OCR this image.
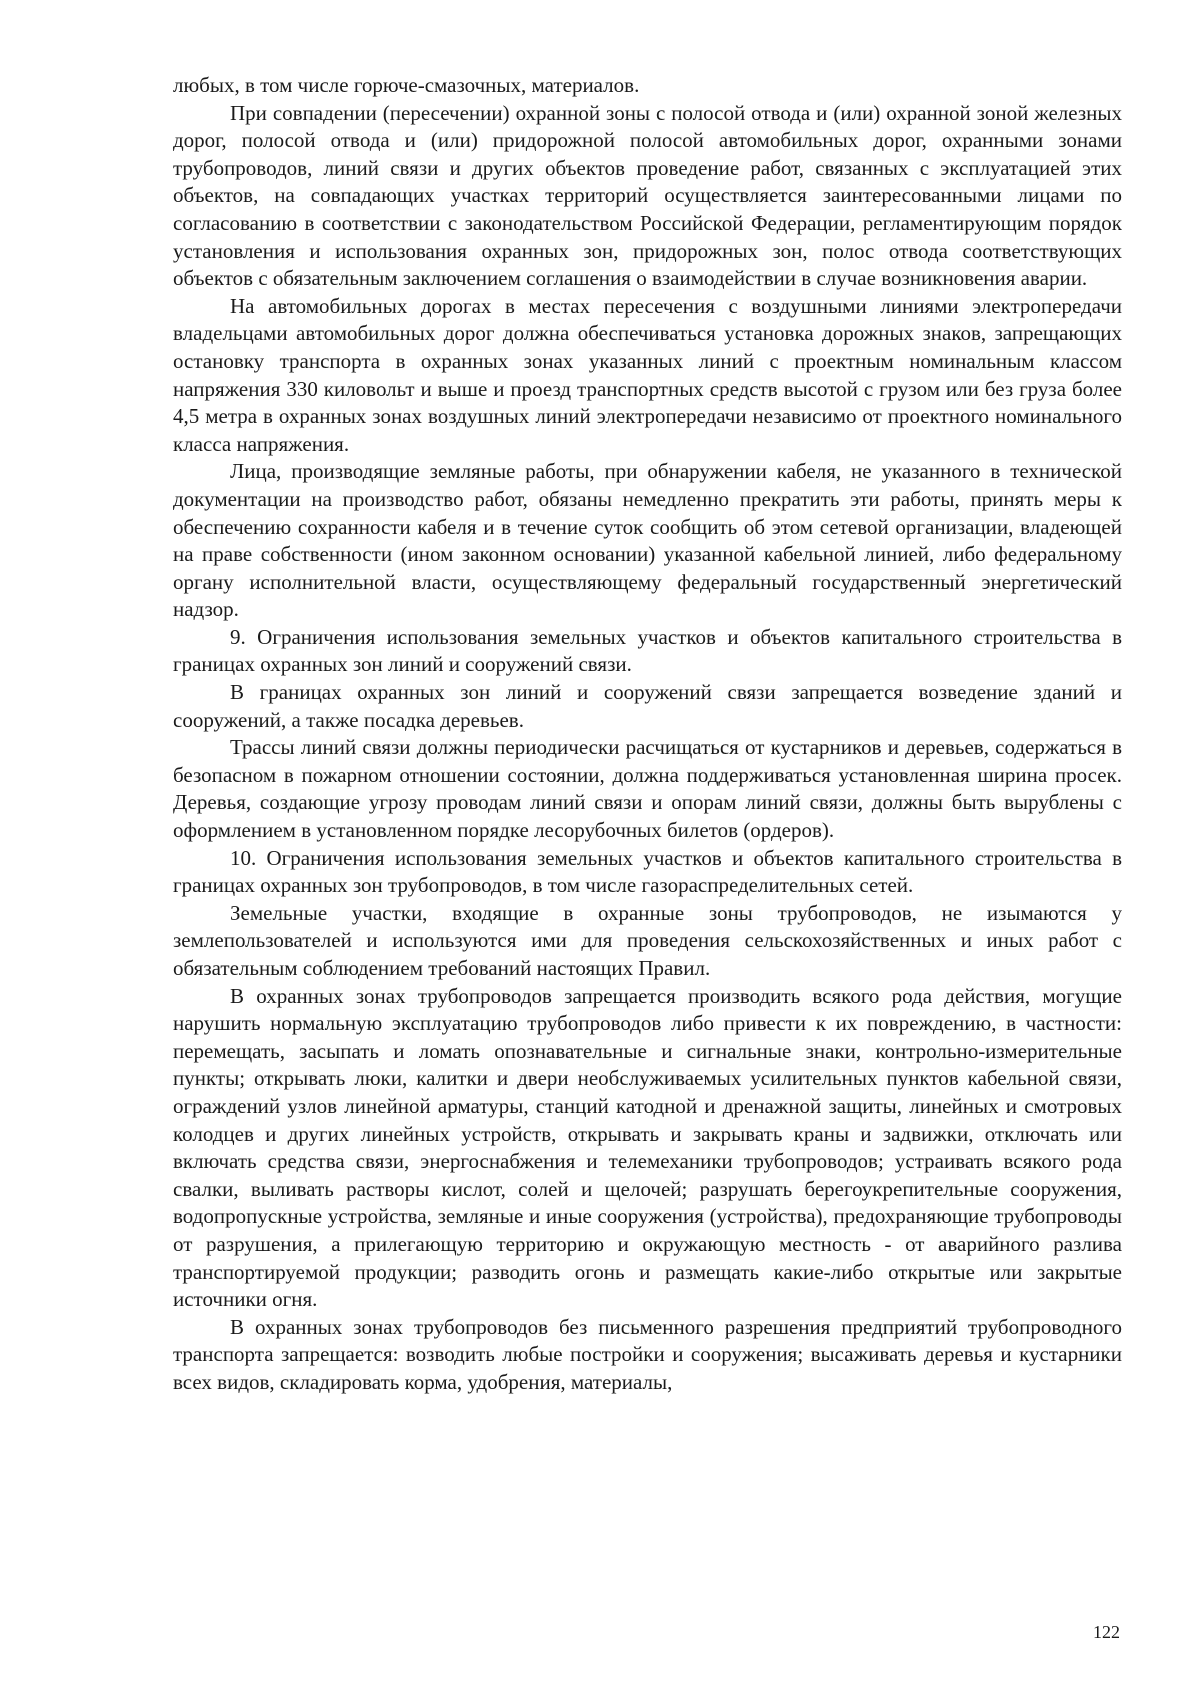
любых, в том числе горюче-смазочных, материалов.

При совпадении (пересечении) охранной зоны с полосой отвода и (или) охранной зоной железных дорог, полосой отвода и (или) придорожной полосой автомобильных дорог, охранными зонами трубопроводов, линий связи и других объектов проведение работ, связанных с эксплуатацией этих объектов, на совпадающих участках территорий осуществляется заинтересованными лицами по согласованию в соответствии с законодательством Российской Федерации, регламентирующим порядок установления и использования охранных зон, придорожных зон, полос отвода соответствующих объектов с обязательным заключением соглашения о взаимодействии в случае возникновения аварии.

На автомобильных дорогах в местах пересечения с воздушными линиями электропередачи владельцами автомобильных дорог должна обеспечиваться установка дорожных знаков, запрещающих остановку транспорта в охранных зонах указанных линий с проектным номинальным классом напряжения 330 киловольт и выше и проезд транспортных средств высотой с грузом или без груза более 4,5 метра в охранных зонах воздушных линий электропередачи независимо от проектного номинального класса напряжения.

Лица, производящие земляные работы, при обнаружении кабеля, не указанного в технической документации на производство работ, обязаны немедленно прекратить эти работы, принять меры к обеспечению сохранности кабеля и в течение суток сообщить об этом сетевой организации, владеющей на праве собственности (ином законном основании) указанной кабельной линией, либо федеральному органу исполнительной власти, осуществляющему федеральный государственный энергетический надзор.

9. Ограничения использования земельных участков и объектов капитального строительства в границах охранных зон линий и сооружений связи.

В границах охранных зон линий и сооружений связи запрещается возведение зданий и сооружений, а также посадка деревьев.

Трассы линий связи должны периодически расчищаться от кустарников и деревьев, содержаться в безопасном в пожарном отношении состоянии, должна поддерживаться установленная ширина просек. Деревья, создающие угрозу проводам линий связи и опорам линий связи, должны быть вырублены с оформлением в установленном порядке лесорубочных билетов (ордеров).

10. Ограничения использования земельных участков и объектов капитального строительства в границах охранных зон трубопроводов, в том числе газораспределительных сетей.

Земельные участки, входящие в охранные зоны трубопроводов, не изымаются у землепользователей и используются ими для проведения сельскохозяйственных и иных работ с обязательным соблюдением требований настоящих Правил.

В охранных зонах трубопроводов запрещается производить всякого рода действия, могущие нарушить нормальную эксплуатацию трубопроводов либо привести к их повреждению, в частности: перемещать, засыпать и ломать опознавательные и сигнальные знаки, контрольно-измерительные пункты; открывать люки, калитки и двери необслуживаемых усилительных пунктов кабельной связи, ограждений узлов линейной арматуры, станций катодной и дренажной защиты, линейных и смотровых колодцев и других линейных устройств, открывать и закрывать краны и задвижки, отключать или включать средства связи, энергоснабжения и телемеханики трубопроводов; устраивать всякого рода свалки, выливать растворы кислот, солей и щелочей; разрушать берегоукрепительные сооружения, водопропускные устройства, земляные и иные сооружения (устройства), предохраняющие трубопроводы от разрушения, а прилегающую территорию и окружающую местность - от аварийного разлива транспортируемой продукции; разводить огонь и размещать какие-либо открытые или закрытые источники огня.

В охранных зонах трубопроводов без письменного разрешения предприятий трубопроводного транспорта запрещается: возводить любые постройки и сооружения; высаживать деревья и кустарники всех видов, складировать корма, удобрения, материалы,

122
